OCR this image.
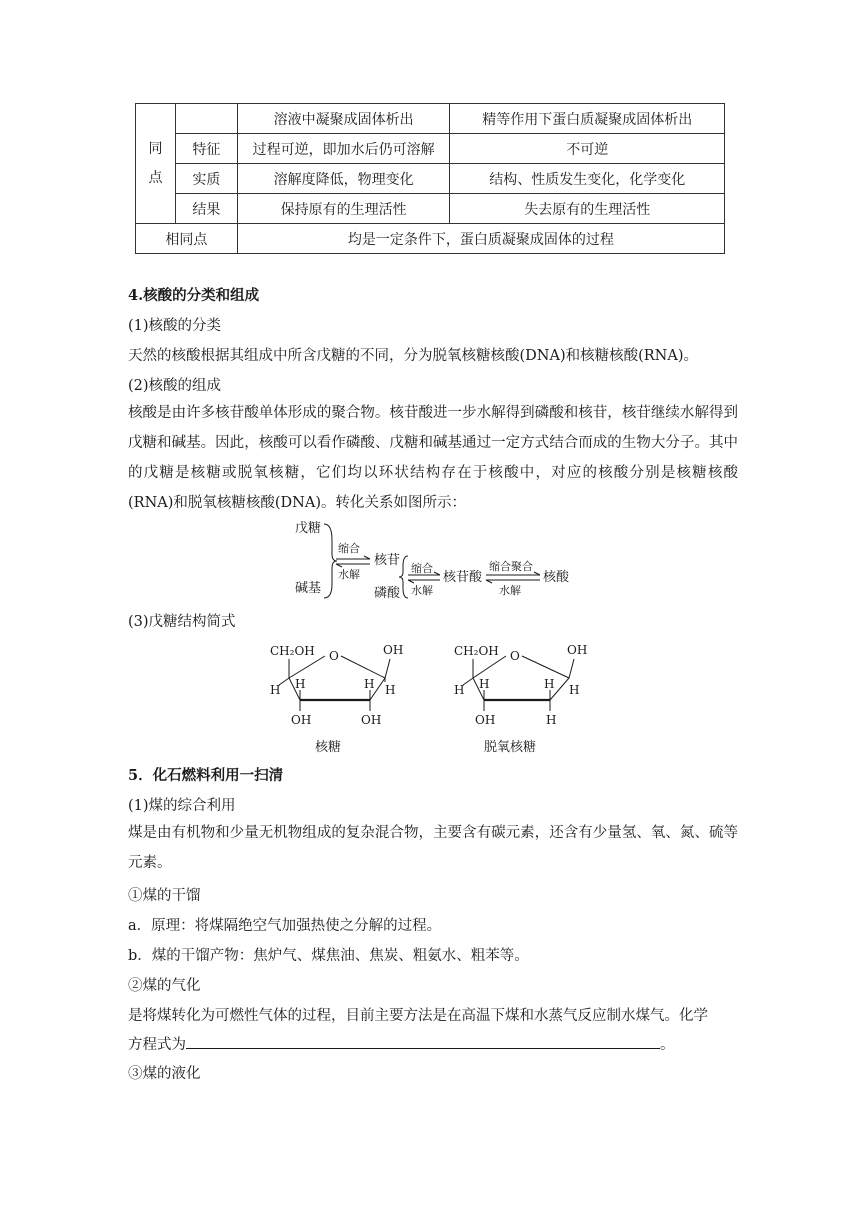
同点		溶液中凝聚成固体析出	精等作用下蛋白质凝聚成固体析出
	特征	过程可逆，即加水后仍可溶解	不可逆
	实质	溶解度降低，物理变化	结构、性质发生变化，化学变化
	结果	保持原有的生理活性	失去原有的生理活性
相同点		均是一定条件下，蛋白质凝聚成固体的过程	
4.核酸的分类和组成
(1)核酸的分类
天然的核酸根据其组成中所含戊糖的不同，分为脱氧核糖核酸(DNA)和核糖核酸(RNA)。
(2)核酸的组成
核酸是由许多核苷酸单体形成的聚合物。核苷酸进一步水解得到磷酸和核苷，核苷继续水解得到戊糖和碱基。因此，核酸可以看作磷酸、戊糖和碱基通过一定方式结合而成的生物大分子。其中的戊糖是核糖或脱氧核糖，它们均以环状结构存在于核酸中，对应的核酸分别是核糖核酸(RNA)和脱氧核糖核酸(DNA)。转化关系如图所示：
戊糖
碱基
缩合
水解
核苷
磷酸
缩合
水解
核苷酸
缩合聚合
水解
核酸
(3)戊糖结构简式
CH₂OH O	OH
H H	H H
OH	OH
核糖
CH₂OH O	OH
H H	H H
OH	H
脱氧核糖
5．化石燃料利用一扫清
(1)煤的综合利用
煤是由有机物和少量无机物组成的复杂混合物，主要含有碳元素，还含有少量氢、氧、氮、硫等元素。
①煤的干馏
a．原理：将煤隔绝空气加强热使之分解的过程。
b．煤的干馏产物：焦炉气、煤焦油、焦炭、粗氨水、粗苯等。
②煤的气化
是将煤转化为可燃性气体的过程，目前主要方法是在高温下煤和水蒸气反应制水煤气。化学
方程式为	。
③煤的液化
